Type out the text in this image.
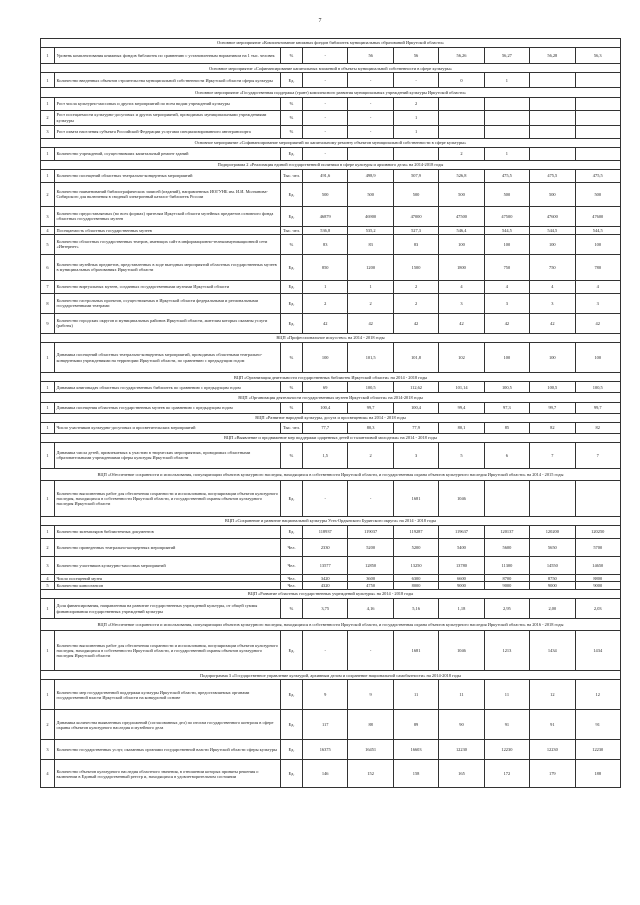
7
Основное мероприятие «Комплектование книжных фондов библиотек муниципальных образований Иркутской области»									
1	Уровень комплектования книжных фондов библиотек по сравнению с установленным нормативом на 1 тыс. человек	%	-	56	56	56,26	56,27	56,28	56,3
Основное мероприятие «Софинансирование капитальных вложений в объекты муниципальной собственности в сфере культуры»									
1	Количество введенных объектов строительства муниципальной собственности Иркутской области сферы культуры	Ед.	-	-	-	0	1		
Основное мероприятие «Государственная поддержка (грант) комплексного развития муниципальных учреждений культуры Иркутской области»									
1	Рост числа культурно-массовых и других мероприятий по всем видам учреждений культуры	%	-	-	2				
2	Рост посещаемости культурно-досуговых и других мероприятий, проводимых муниципальными учреждениями культуры	%	-	-	1				
3	Рост охвата населения субъекта Российской Федерации услугами специализированного автотранспорта	%	-	-	1				
Основное мероприятие «Софинансирование мероприятий по капитальному ремонту объектов муниципальной собственности в сфере культуры»									
1	Количество учреждений, осуществивших капитальный ремонт зданий	Ед.	-			2	1		
Подпрограмма 2 «Реализация единой государственной политики в сфере культуры и архивного дела» на 2014-2018 годы									
1	Количество посещений областных театрально-концертных мероприятий	Тыс. чел.	491,6	498,9	507,9	526,8	475,5	475,5	475,5
2	Количество наименований библиографических записей (изданий), направленных ИОГУНБ им. И.И. Молчанова-Сибирского для включения в сводный электронный каталог библиотек России	Ед.	500	500	500	500	500	500	500
3	Количество предоставляемых (во всех формах) зрителям Иркутской области музейных предметов основного фонда областных государственных музеев	Ед.	46879	46900	47000	47500	47500	47600	47600
4	Посещаемость областных государственных музеев	Тыс. чел.	536,8	535,2	527,3	546,4	544,5	544,5	544,5
5	Количество областных государственных театров, имеющих сайт в информационно-телекоммуникационной сети «Интернет»	%	83	83	83	100	100	100	100
6	Количество музейных предметов, представленных в ходе выездных мероприятий областных государственных музеев в муниципальных образованиях Иркутской области	Ед.	850	1200	1500	1800	750	750	780
7	Количество виртуальных музеев, созданных государственными музеями Иркутской области	Ед.	1	1	2	4	4	4	4
8	Количество гастрольных проектов, осуществляемых в Иркутской области федеральными и региональными государственными театрами	Ед.	2	2	2	3	3	3	3
9	Количество городских округов и муниципальных районов Иркутской области, жителям которых оказаны услуги (работы)	Ед.	42	42	42	42	42	42	42
ВЦП «Профессиональное искусство» на 2014 - 2018 годы									
1	Динамика посещений областных театрально-концертных мероприятий, проводимых областными театрально-концертными учреждениями на территории Иркутской области, по сравнению с предыдущим годом	%	100	101,5	101,8	102	100	100	100
ВЦП «Организация деятельности государственных библиотек Иркутской области» на 2014 - 2018 годы									
1	Динамика книговыдач областных государственных библиотек по сравнению с предыдущим годом	%	69	100,5	112,62	101,14	100,5	100,5	100,5
ВЦП «Организация деятельности государственных музеев Иркутской области» на 2014-2018 годы									
1	Динамика посещения областных государственных музеев по сравнению с предыдущим годом	%	100,4	99,7	100,4	99,4	97,3	99,7	99,7
ВЦП «Развитие народной культуры, досуга и просвещения» на 2014 - 2018 годы									
1	Число участников культурно-досуговых и просветительских мероприятий	Тыс. чел.	77,7	80,3	77,9	80,1	85	82	82
ВЦП «Выявление и продвижение мер поддержки одаренных детей и талантливой молодежи» на 2014 - 2018 годы									
1	Динамика числа детей, привлекаемых к участию в творческих мероприятиях, проводимых областными образовательными учреждениями сферы культуры Иркутской области	%	1,5	2	3	5	6	7	7
ВЦП «Обеспечение сохранности и использования, популяризации объектов культурного наследия, находящихся в собственности Иркутской области, и государственная охрана объектов культурного наследия Иркутской области» на 2014 - 2015 годы									
1	Количество выполненных работ для обеспечения сохранности и использования, популяризации объектов культурного наследия, находящихся в собственности Иркутской области, и государственной охраны объектов культурного наследия Иркутской области	Ед.	-	-	1681	1046			
ВЦП «Сохранение и развитие национальной культуры Усть-Ордынского Бурятского округа» на 2014 - 2018 годы									
1	Количество экземпляров библиотечных документов	Ед.	118937	119037	119287	119637	120137	120200	120250
2	Количество проведенных театрально-концертных мероприятий	Чел.	2330	5200	5200	5400	5600	5650	5700
3	Количество участников культурно-массовых мероприятий	Чел.	13577	12850	13250	13780	11300	14550	14650
4	Число посещений музея	Чел.	3420	3600	6300	6600	8700	8750	8800
5	Количество киносеансов	Чел.	4320	4750	8000	9000	9000	9000	9000
ВЦП «Развитие областных государственных учреждений культуры» на 2014 - 2018 годы									
1	Доля финансирования, направленная на развитие государственных учреждений культуры, от общей суммы финансирования государственных учреждений культуры	%	3,75	4,16	5,16	1,18	2,95	2,00	2,03
ВЦП «Обеспечение сохранности и использования, популяризации объектов культурного наследия, находящихся в собственности Иркутской области, и государственная охрана объектов культурного наследия Иркутской области» на 2016 - 2018 годы									
1	Количество выполненных работ для обеспечения сохранности и использования, популяризации объектов культурного наследия, находящихся в собственности Иркутской области, и государственной охраны объектов культурного наследия Иркутской области	Ед.	-	-	1681	1046	1213	1434	1434
Подпрограмма 3 «Государственное управление культурой, архивным делом и сохранение национальной самобытности» на 2014-2018 годы									
1	Количество мер государственной поддержки культуры Иркутской области, предоставляемых органами государственной власти Иркутской области на конкурсной основе	Ед.	9	9	11	11	11	12	12
2	Динамика количества выявленных предложений (согласованных дел) по итогам государственного контроля в сфере охраны объектов культурного наследия и музейного дела	Ед.	117	88	89	90	91	91	91
3	Количество государственных услуг, оказанных органами государственной власти Иркутской области сферы культуры	Ед.	16375	16451	16603	12230	12230	12230	12230
4	Количество объектов культурного наследия областного значения, в отношении которых приняты решения о включении в Единый государственный реестр и, находящихся в удовлетворительном состоянии	Ед.	146	152	158	165	172	179	188
